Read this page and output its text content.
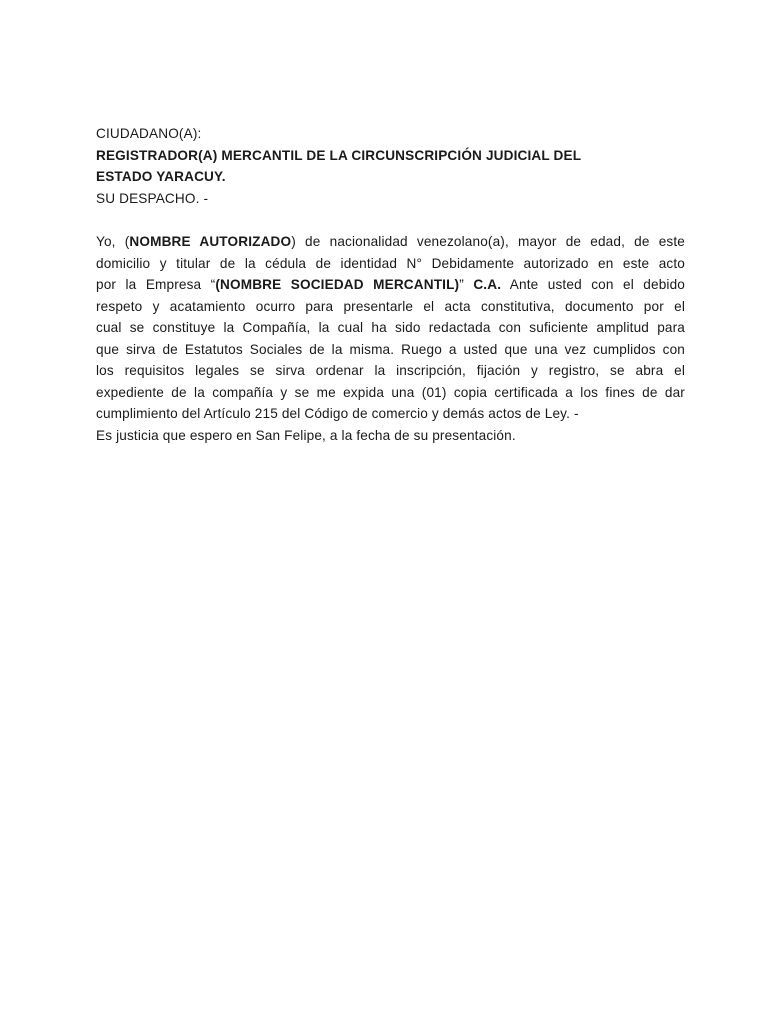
CIUDADANO(A):
REGISTRADOR(A) MERCANTIL DE LA CIRCUNSCRIPCIÓN JUDICIAL DEL
ESTADO YARACUY.
SU DESPACHO. -
Yo, (NOMBRE AUTORIZADO) de nacionalidad venezolano(a), mayor de edad, de este
domicilio y titular de la cédula de identidad N° Debidamente autorizado en este acto
por la Empresa “(NOMBRE SOCIEDAD MERCANTIL)” C.A. Ante usted con el debido
respeto y acatamiento ocurro para presentarle el acta constitutiva, documento por el
cual se constituye la Compañía, la cual ha sido redactada con suficiente amplitud para
que sirva de Estatutos Sociales de la misma. Ruego a usted que una vez cumplidos con
los requisitos legales se sirva ordenar la inscripción, fijación y registro, se abra el
expediente de la compañía y se me expida una (01) copia certificada a los fines de dar
cumplimiento del Artículo 215 del Código de comercio y demás actos de Ley. -
Es justicia que espero en San Felipe, a la fecha de su presentación.
